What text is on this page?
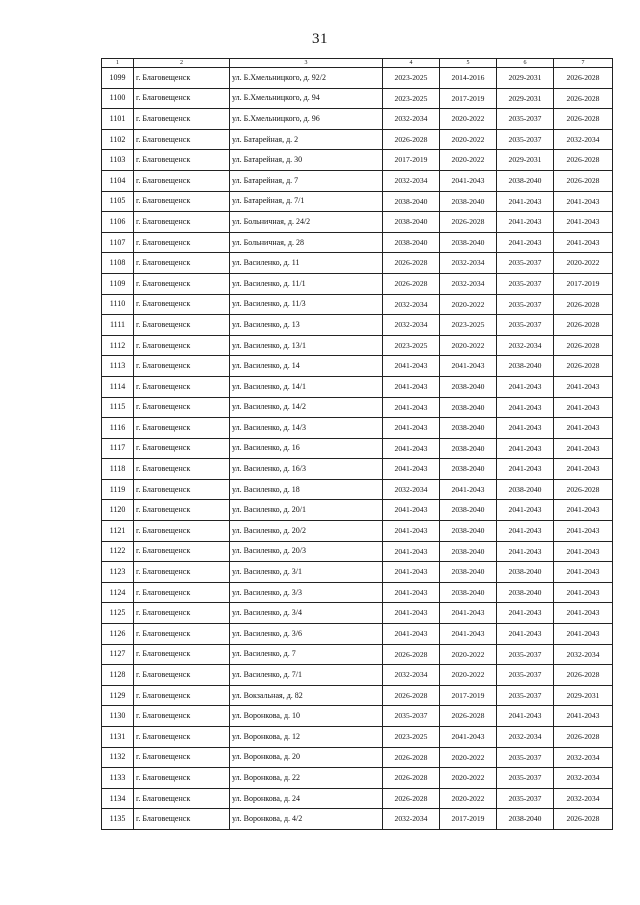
31
1	2	3	4	5	6	7
1099	г. Благовещенск	ул. Б.Хмельницкого, д. 92/2	2023-2025	2014-2016	2029-2031	2026-2028
1100	г. Благовещенск	ул. Б.Хмельницкого, д. 94	2023-2025	2017-2019	2029-2031	2026-2028
1101	г. Благовещенск	ул. Б.Хмельницкого, д. 96	2032-2034	2020-2022	2035-2037	2026-2028
1102	г. Благовещенск	ул. Батарейная, д. 2	2026-2028	2020-2022	2035-2037	2032-2034
1103	г. Благовещенск	ул. Батарейная, д. 30	2017-2019	2020-2022	2029-2031	2026-2028
1104	г. Благовещенск	ул. Батарейная, д. 7	2032-2034	2041-2043	2038-2040	2026-2028
1105	г. Благовещенск	ул. Батарейная, д. 7/1	2038-2040	2038-2040	2041-2043	2041-2043
1106	г. Благовещенск	ул. Больничная, д. 24/2	2038-2040	2026-2028	2041-2043	2041-2043
1107	г. Благовещенск	ул. Больничная, д. 28	2038-2040	2038-2040	2041-2043	2041-2043
1108	г. Благовещенск	ул. Василенко, д. 11	2026-2028	2032-2034	2035-2037	2020-2022
1109	г. Благовещенск	ул. Василенко, д. 11/1	2026-2028	2032-2034	2035-2037	2017-2019
1110	г. Благовещенск	ул. Василенко, д. 11/3	2032-2034	2020-2022	2035-2037	2026-2028
1111	г. Благовещенск	ул. Василенко, д. 13	2032-2034	2023-2025	2035-2037	2026-2028
1112	г. Благовещенск	ул. Василенко, д. 13/1	2023-2025	2020-2022	2032-2034	2026-2028
1113	г. Благовещенск	ул. Василенко, д. 14	2041-2043	2041-2043	2038-2040	2026-2028
1114	г. Благовещенск	ул. Василенко, д. 14/1	2041-2043	2038-2040	2041-2043	2041-2043
1115	г. Благовещенск	ул. Василенко, д. 14/2	2041-2043	2038-2040	2041-2043	2041-2043
1116	г. Благовещенск	ул. Василенко, д. 14/3	2041-2043	2038-2040	2041-2043	2041-2043
1117	г. Благовещенск	ул. Василенко, д. 16	2041-2043	2038-2040	2041-2043	2041-2043
1118	г. Благовещенск	ул. Василенко, д. 16/3	2041-2043	2038-2040	2041-2043	2041-2043
1119	г. Благовещенск	ул. Василенко, д. 18	2032-2034	2041-2043	2038-2040	2026-2028
1120	г. Благовещенск	ул. Василенко, д. 20/1	2041-2043	2038-2040	2041-2043	2041-2043
1121	г. Благовещенск	ул. Василенко, д. 20/2	2041-2043	2038-2040	2041-2043	2041-2043
1122	г. Благовещенск	ул. Василенко, д. 20/3	2041-2043	2038-2040	2041-2043	2041-2043
1123	г. Благовещенск	ул. Василенко, д. 3/1	2041-2043	2038-2040	2038-2040	2041-2043
1124	г. Благовещенск	ул. Василенко, д. 3/3	2041-2043	2038-2040	2038-2040	2041-2043
1125	г. Благовещенск	ул. Василенко, д. 3/4	2041-2043	2041-2043	2041-2043	2041-2043
1126	г. Благовещенск	ул. Василенко, д. 3/6	2041-2043	2041-2043	2041-2043	2041-2043
1127	г. Благовещенск	ул. Василенко, д. 7	2026-2028	2020-2022	2035-2037	2032-2034
1128	г. Благовещенск	ул. Василенко, д. 7/1	2032-2034	2020-2022	2035-2037	2026-2028
1129	г. Благовещенск	ул. Вокзальная, д. 82	2026-2028	2017-2019	2035-2037	2029-2031
1130	г. Благовещенск	ул. Воронкова, д. 10	2035-2037	2026-2028	2041-2043	2041-2043
1131	г. Благовещенск	ул. Воронкова, д. 12	2023-2025	2041-2043	2032-2034	2026-2028
1132	г. Благовещенск	ул. Воронкова, д. 20	2026-2028	2020-2022	2035-2037	2032-2034
1133	г. Благовещенск	ул. Воронкова, д. 22	2026-2028	2020-2022	2035-2037	2032-2034
1134	г. Благовещенск	ул. Воронкова, д. 24	2026-2028	2020-2022	2035-2037	2032-2034
1135	г. Благовещенск	ул. Воронкова, д. 4/2	2032-2034	2017-2019	2038-2040	2026-2028
